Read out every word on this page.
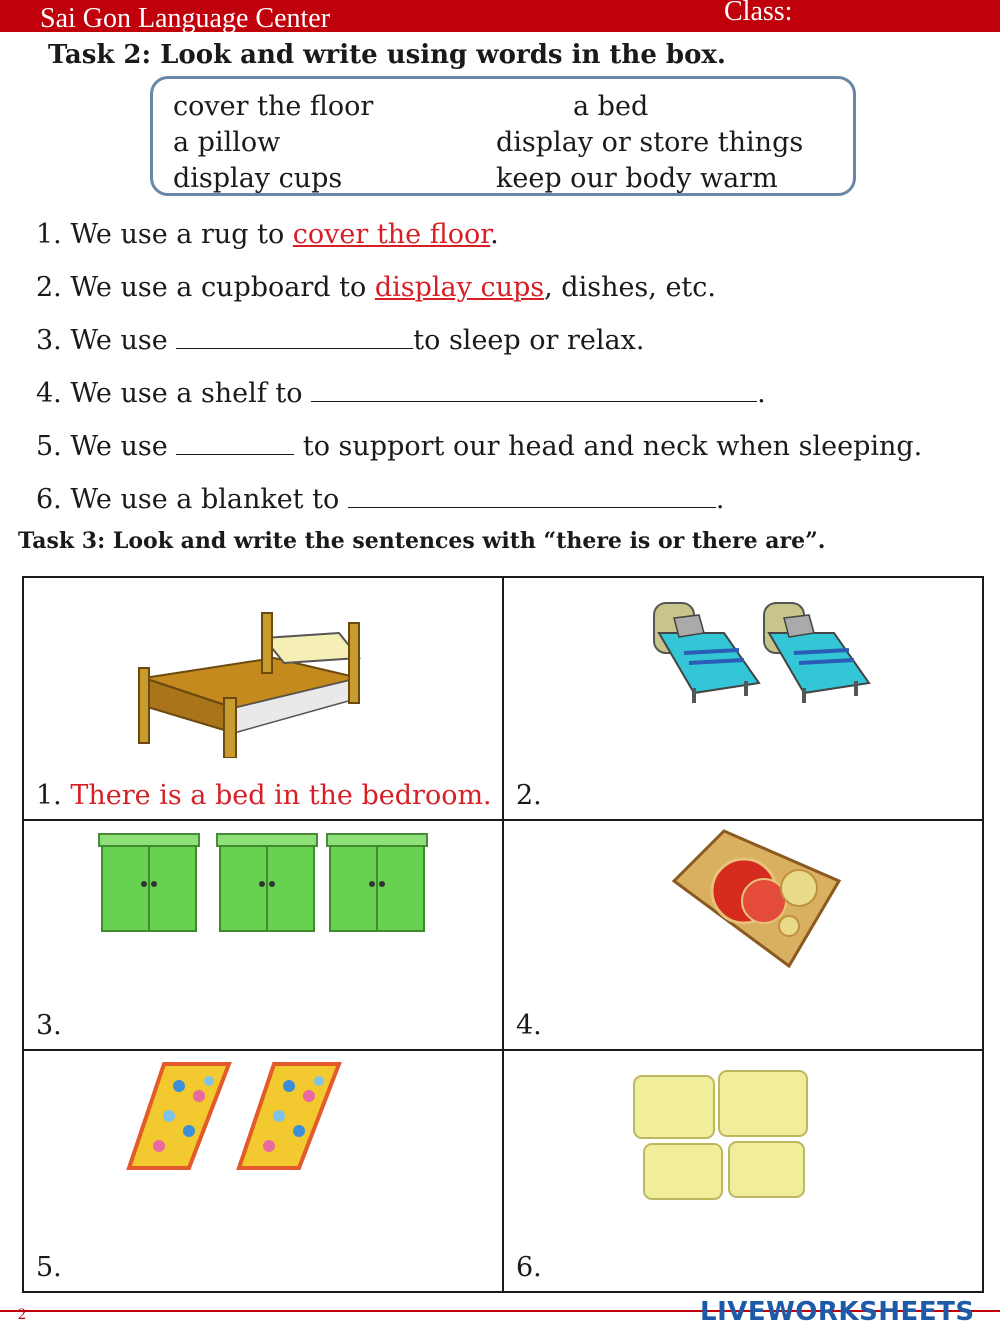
Sai Gon Language Center	Class:
Task 2: Look and write using words in the box.
cover the floor	a bed
a pillow	display or store things
display cups	keep our body warm
1. We use a rug to cover the floor.
2. We use a cupboard to display cups, dishes, etc.
3. We use	to sleep or relax.
4. We use a shelf to	.
5. We use	to support our head and neck when sleeping.
6. We use a blanket to	.
Task 3: Look and write the sentences with “there is or there are”.
1. There is a bed in the bedroom.	2.

3.	4.

5.	6.
2	LIVEWORKSHEETS
